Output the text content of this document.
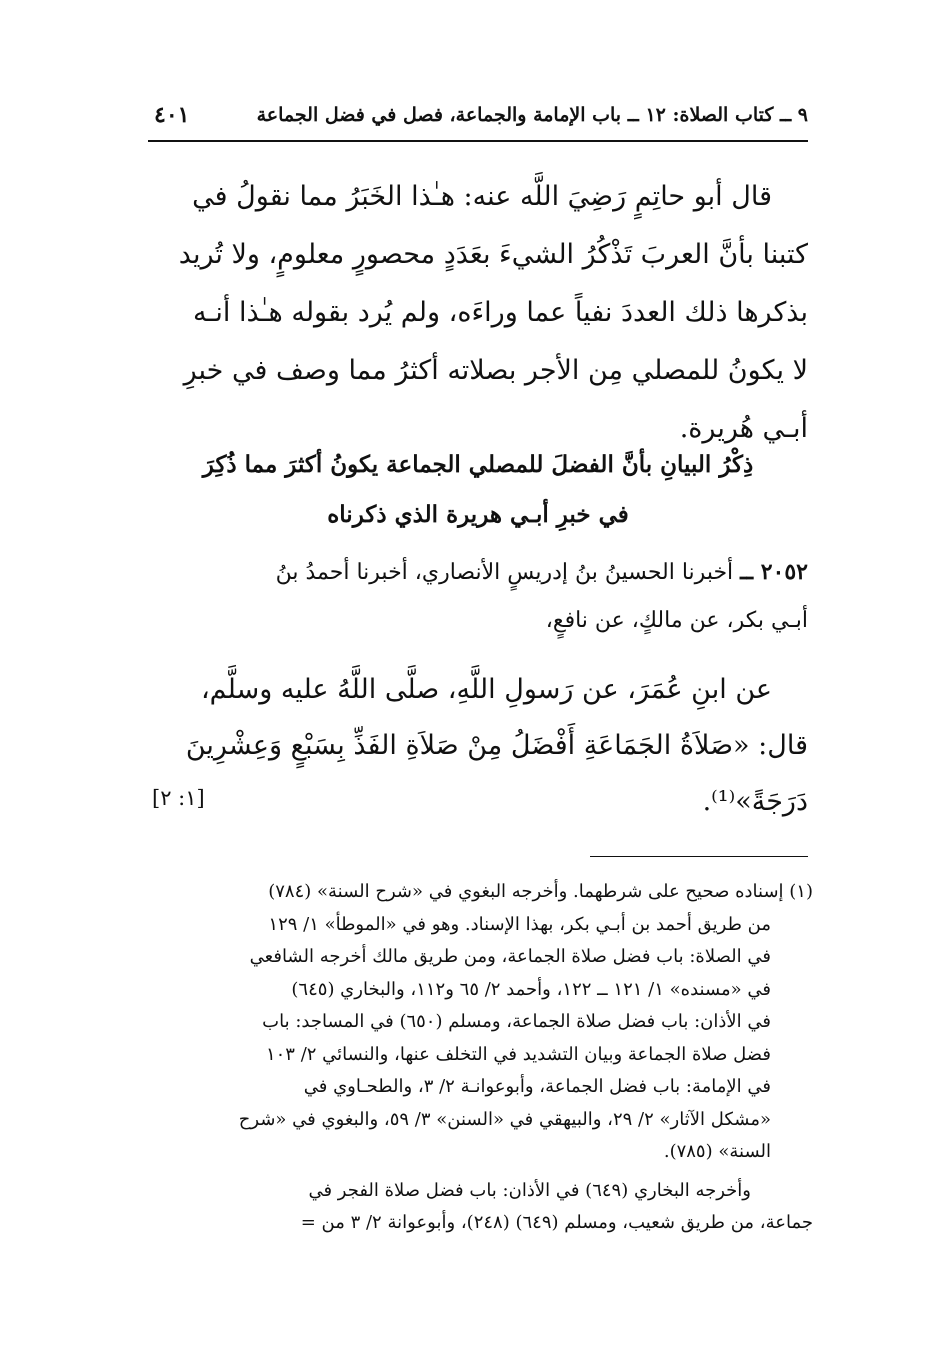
٩ ــ كتاب الصلاة: ١٢ ــ باب الإمامة والجماعة، فصل في فضل الجماعة
٤٠١
قال أبو حاتِمٍ رَضِيَ اللَّه عنه: هـٰذا الخَبَرُ مما نقولُ في
كتبنا بأنَّ العربَ تَذْكُرُ الشيءَ بعَدَدٍ محصورٍ معلومٍ، ولا تُريد
بذكرها ذلك العددَ نفياً عما وراءَه، ولم يُرد بقوله هـٰذا أنـه
لا يكونُ للمصلي مِن الأجر بصلاته أكثرُ مما وصف في خبرِ
أبـي هُريرة.
ذِكْرُ البيانِ بأنَّ الفضلَ للمصلي الجماعة يكونُ أكثرَ مما ذُكِرَ
في خبرِ أبـي هريرة الذي ذكرناه
٢٠٥٢ ــ أخبرنا الحسينُ بنُ إدريسٍ الأنصاري، أخبرنا أحمدُ بنُ
أبـي بكر، عن مالكٍ، عن نافعٍ،
عن ابنِ عُمَرَ، عن رَسولِ اللَّهِ، صلَّى اللَّهُ عليه وسلَّم،
قال: «صَلاَةُ الجَمَاعَةِ أَفْضَلُ مِنْ صَلاَةِ الفَذِّ بِسَبْعٍ وَعِشْرِينَ
دَرَجَةً»⁽¹⁾.
[١: ٢]
(١) إسناده صحيح على شرطهما. وأخرجه البغوي في «شرح السنة» (٧٨٤)
من طريق أحمد بن أبـي بكر، بهذا الإسناد. وهو في «الموطأ» ١/ ١٢٩
في الصلاة: باب فضل صلاة الجماعة، ومن طريق مالك أخرجه الشافعي
في «مسنده» ١/ ١٢١ ــ ١٢٢، وأحمد ٢/ ٦٥ و١١٢، والبخاري (٦٤٥)
في الأذان: باب فضل صلاة الجماعة، ومسلم (٦٥٠) في المساجد: باب
فضل صلاة الجماعة وبيان التشديد في التخلف عنها، والنسائي ٢/ ١٠٣
في الإمامة: باب فضل الجماعة، وأبوعوانـة ٢/ ٣، والطحـاوي في
«مشكل الآثار» ٢/ ٢٩، والبيهقي في «السنن» ٣/ ٥٩، والبغوي في «شرح
السنة» (٧٨٥).
وأخرجه البخاري (٦٤٩) في الأذان: باب فضل صلاة الفجر في
جماعة، من طريق شعيب، ومسلم (٦٤٩) (٢٤٨)، وأبوعوانة ٢/ ٣ من =
